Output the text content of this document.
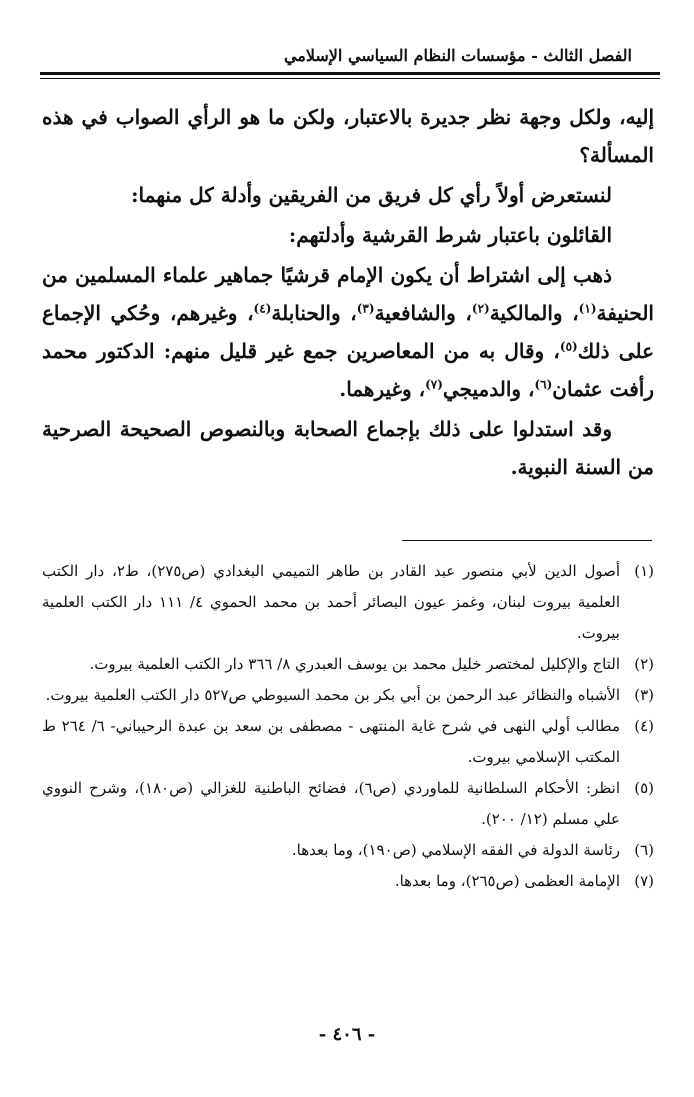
الفصل الثالث - مؤسسات النظام السياسي الإسلامي

إليه، ولكل وجهة نظر جديرة بالاعتبار، ولكن ما هو الرأي الصواب في هذه المسألة؟

لنستعرض أولاً رأي كل فريق من الفريقين وأدلة كل منهما:

القائلون باعتبار شرط القرشية وأدلتهم:

ذهب إلى اشتراط أن يكون الإمام قرشيًا جماهير علماء المسلمين من الحنيفة$^{(١)}$، والمالكية$^{(٢)}$، والشافعية$^{(٣)}$، والحنابلة$^{(٤)}$، وغيرهم، وحُكي الإجماع على ذلك$^{(٥)}$، وقال به من المعاصرين جمع غير قليل منهم: الدكتور محمد رأفت عثمان$^{(٦)}$، والدميجي$^{(٧)}$، وغيرهما.

وقد استدلوا على ذلك بإجماع الصحابة وبالنصوص الصحيحة الصرحية من السنة النبوية.

(١)
أصول الدين لأبي منصور عبد القادر بن طاهر التميمي البغدادي (ص٢٧٥)، ط٢، دار الكتب العلمية بيروت لبنان، وغمز عيون البصائر أحمد بن محمد الحموي ٤/ ١١١ دار الكتب العلمية بيروت.

(٢)
التاج والإكليل لمختصر خليل محمد بن يوسف العبدري ٨/ ٣٦٦ دار الكتب العلمية بيروت.

(٣)
الأشباه والنظائر عبد الرحمن بن أبي بكر بن محمد السيوطي ص٥٢٧ دار الكتب العلمية بيروت.

(٤)
مطالب أولي النهى في شرح غاية المنتهى - مصطفى بن سعد بن عبدة الرحيباني- ٦/ ٢٦٤ ط المكتب الإسلامي بيروت.

(٥)
انظر: الأحكام السلطانية للماوردي (ص٦)، فضائح الباطنية للغزالي (ص١٨٠)، وشرح النووي علي مسلم (١٢/ ٢٠٠).

(٦)
رئاسة الدولة في الفقه الإسلامي (ص١٩٠)، وما بعدها.

(٧)
الإمامة العظمى (ص٢٦٥)، وما بعدها.

- ٤٠٦ -
